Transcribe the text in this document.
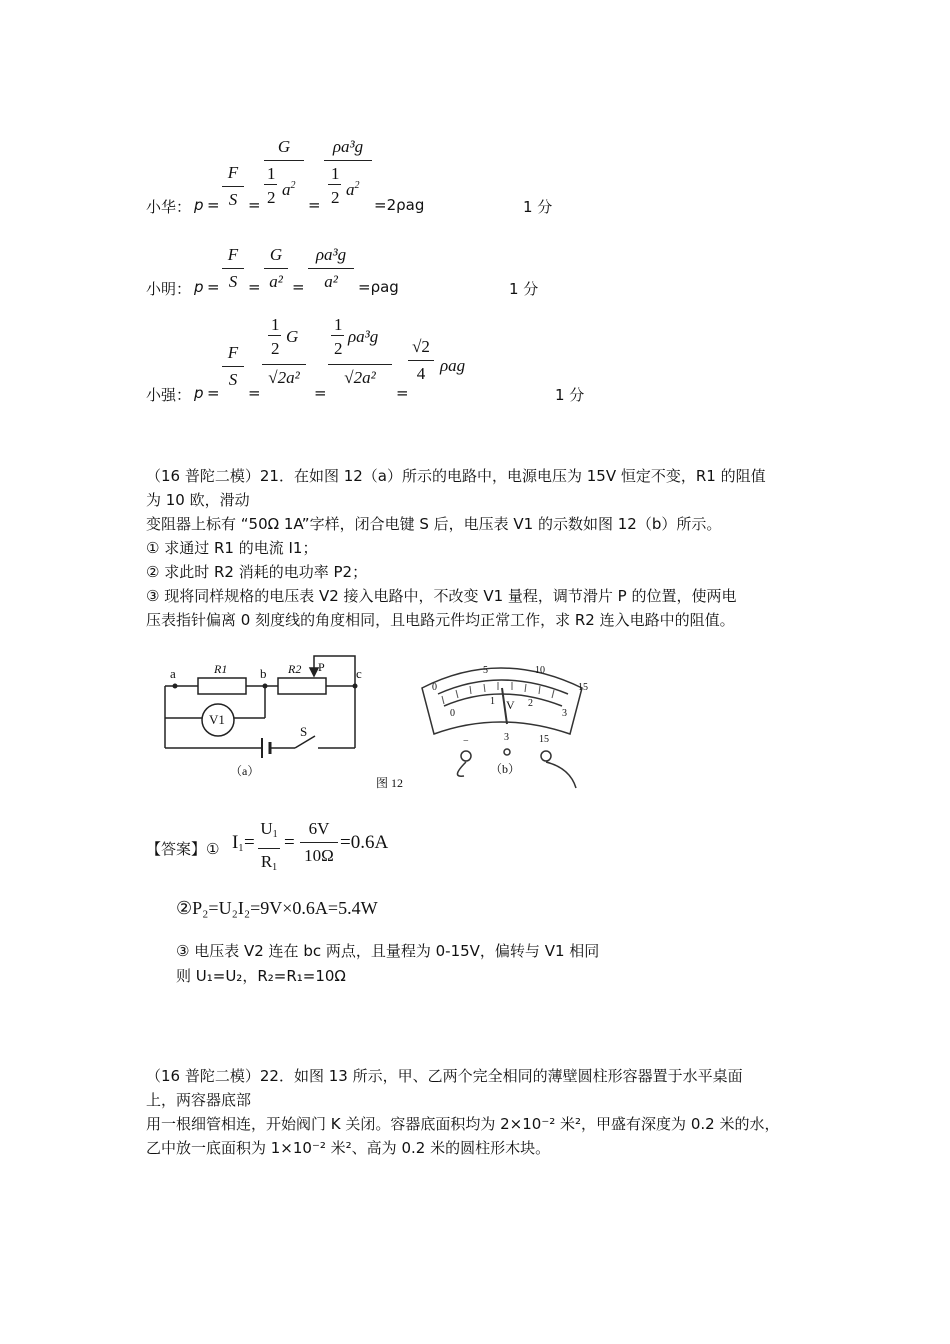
小华： p =
F
S =
G
1
2 $a^2$
=
ρa³g
1
2 $a^2$
=2ρag	1 分
小明： p =
F
S =
G
a² =
ρa³g
a²	=ρag	1 分
小强： p =
F
S
=
1
2
G
√2a²
=
1
2
ρa³g
√2a²
=
√2
4 ρag
1 分
（16 普陀二模）21．在如图 12（a）所示的电路中，电源电压为 15V 恒定不变，R1 的阻值
为 10 欧，滑动
变阻器上标有 “50Ω 1A”字样，闭合电键 S 后，电压表 V1 的示数如图 12（b）所示。
① 求通过 R1 的电流 I1；
② 求此时 R2 消耗的电功率 P2；
③ 现将同样规格的电压表 V2 接入电路中，不改变 V1 量程，调节滑片 P 的位置，使两电
压表指针偏离 0 刻度线的角度相同，且电路元件均正常工作，求 R2 连入电路中的阻值。
a	R1	b R2 P c
V1
S
（a）
图 12
（b）
V
0
5	10
15
0
1	2
3
−	3	15
【答案】① $I_1$ =
$U_1$
$R_1$
=
6V
10Ω
=0.6A
②P₂=U₂I₂=9V×0.6A=5.4W
③ 电压表 V2 连在 bc 两点，且量程为 0-15V，偏转与 V1 相同
则 U₁=U₂，R₂=R₁=10Ω
（16 普陀二模）22．如图 13 所示，甲、乙两个完全相同的薄壁圆柱形容器置于水平桌面
上，两容器底部
用一根细管相连，开始阀门 K 关闭。容器底面积均为 2×10⁻² 米²，甲盛有深度为 0.2 米的水，
乙中放一底面积为 1×10⁻² 米²、高为 0.2 米的圆柱形木块。
